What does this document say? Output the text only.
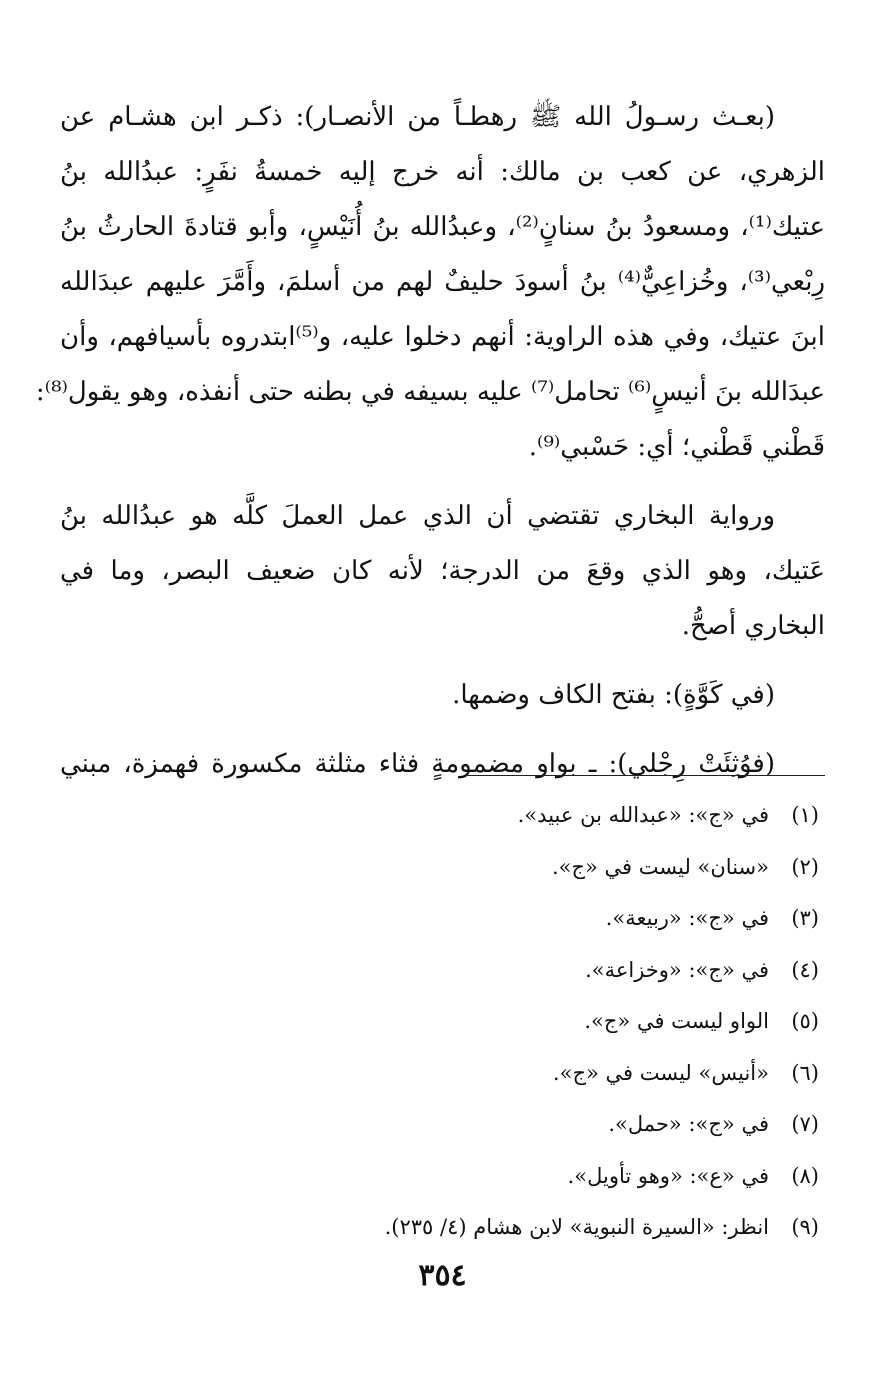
(بعـث رسـولُ الله ﷺ رهطـاً من الأنصـار): ذكـر ابن هشـام عن
الزهري، عن كعب بن مالك: أنه خرج إليه خمسةُ نفَرٍ: عبدُالله بنُ
عتيك⁽¹⁾، ومسعودُ بنُ سنانٍ⁽²⁾، وعبدُالله بنُ أُنَيْسٍ، وأبو قتادةَ الحارثُ بنُ
رِبْعي⁽³⁾، وخُزاعِيٌّ⁽⁴⁾ بنُ أسودَ حليفٌ لهم من أسلمَ، وأَمَّرَ عليهم عبدَالله
ابنَ عتيك، وفي هذه الراوية: أنهم دخلوا عليه، و⁽⁵⁾ابتدروه بأسيافهم، وأن
عبدَالله بنَ أنيسٍ⁽⁶⁾ تحامل⁽⁷⁾ عليه بسيفه في بطنه حتى أنفذه، وهو يقول⁽⁸⁾:
قَطْني قَطْني؛ أي: حَسْبي⁽⁹⁾.
ورواية البخاري تقتضي أن الذي عمل العملَ كلَّه هو عبدُالله بنُ
عَتيك، وهو الذي وقعَ من الدرجة؛ لأنه كان ضعيف البصر، وما في
البخاري أصحُّ.
(في كَوَّةٍ): بفتح الكاف وضمها.
(فوُثِئَتْ رِجْلي): ـ بواو مضمومةٍ فثاء مثلثة مكسورة فهمزة، مبني
(١)في «ج»: «عبدالله بن عبيد».
(٢)«سنان» ليست في «ج».
(٣)في «ج»: «ربيعة».
(٤)في «ج»: «وخزاعة».
(٥)الواو ليست في «ج».
(٦)«أنيس» ليست في «ج».
(٧)في «ج»: «حمل».
(٨)في «ع»: «وهو تأويل».
(٩)انظر: «السيرة النبوية» لابن هشام (٤/ ٢٣٥).
٣٥٤
